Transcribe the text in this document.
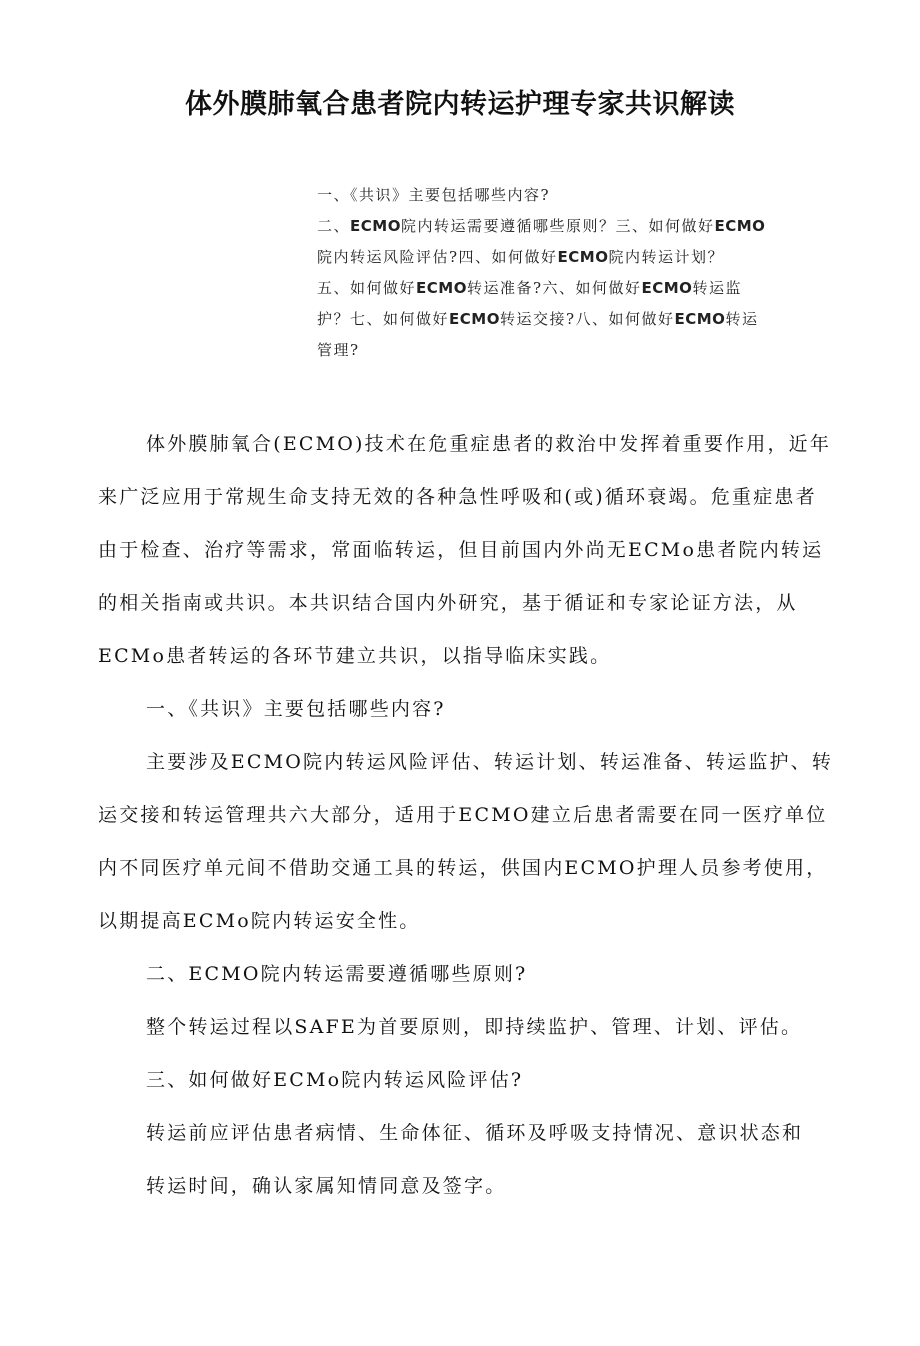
体外膜肺氧合患者院内转运护理专家共识解读
一、《共识》主要包括哪些内容?
二、ECMO院内转运需要遵循哪些原则？三、如何做好ECMO
院内转运风险评估?四、如何做好ECMO院内转运计划？
五、如何做好ECMO转运准备?六、如何做好ECMO转运监
护？七、如何做好ECMO转运交接?八、如何做好ECMO转运
管理?
体外膜肺氧合(ECMO)技术在危重症患者的救治中发挥着重要作用，近年
来广泛应用于常规生命支持无效的各种急性呼吸和(或)循环衰竭。危重症患者
由于检查、治疗等需求，常面临转运，但目前国内外尚无ECMo患者院内转运
的相关指南或共识。本共识结合国内外研究，基于循证和专家论证方法，从
ECMo患者转运的各环节建立共识，以指导临床实践。
一、《共识》主要包括哪些内容?
主要涉及ECMO院内转运风险评估、转运计划、转运准备、转运监护、转
运交接和转运管理共六大部分，适用于ECMO建立后患者需要在同一医疗单位
内不同医疗单元间不借助交通工具的转运，供国内ECMO护理人员参考使用，
以期提高ECMo院内转运安全性。
二、ECMO院内转运需要遵循哪些原则?
整个转运过程以SAFE为首要原则，即持续监护、管理、计划、评估。
三、如何做好ECMo院内转运风险评估?
转运前应评估患者病情、生命体征、循环及呼吸支持情况、意识状态和
转运时间，确认家属知情同意及签字。
